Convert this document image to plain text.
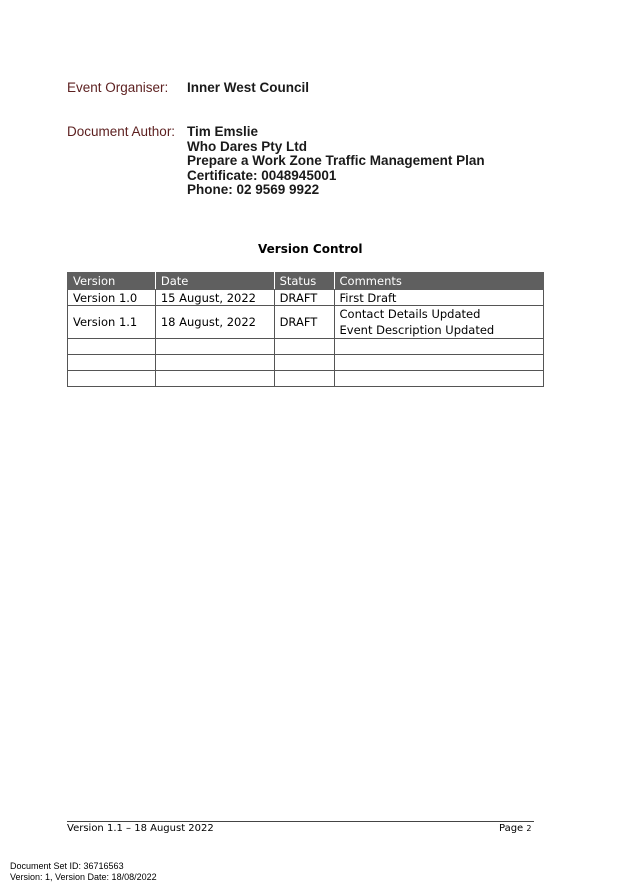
Event Organiser: Inner West Council
Document Author: Tim Emslie
Who Dares Pty Ltd
Prepare a Work Zone Traffic Management Plan
Certificate: 0048945001
Phone: 02 9569 9922
Version Control
Version	Date	Status	Comments
Version 1.0	15 August, 2022	DRAFT	First Draft
Version 1.1	18 August, 2022	DRAFT	Contact Details Updated
Event Description Updated

Version 1.1 – 18 August 2022	Page 2
Document Set ID: 36716563
Version: 1, Version Date: 18/08/2022
